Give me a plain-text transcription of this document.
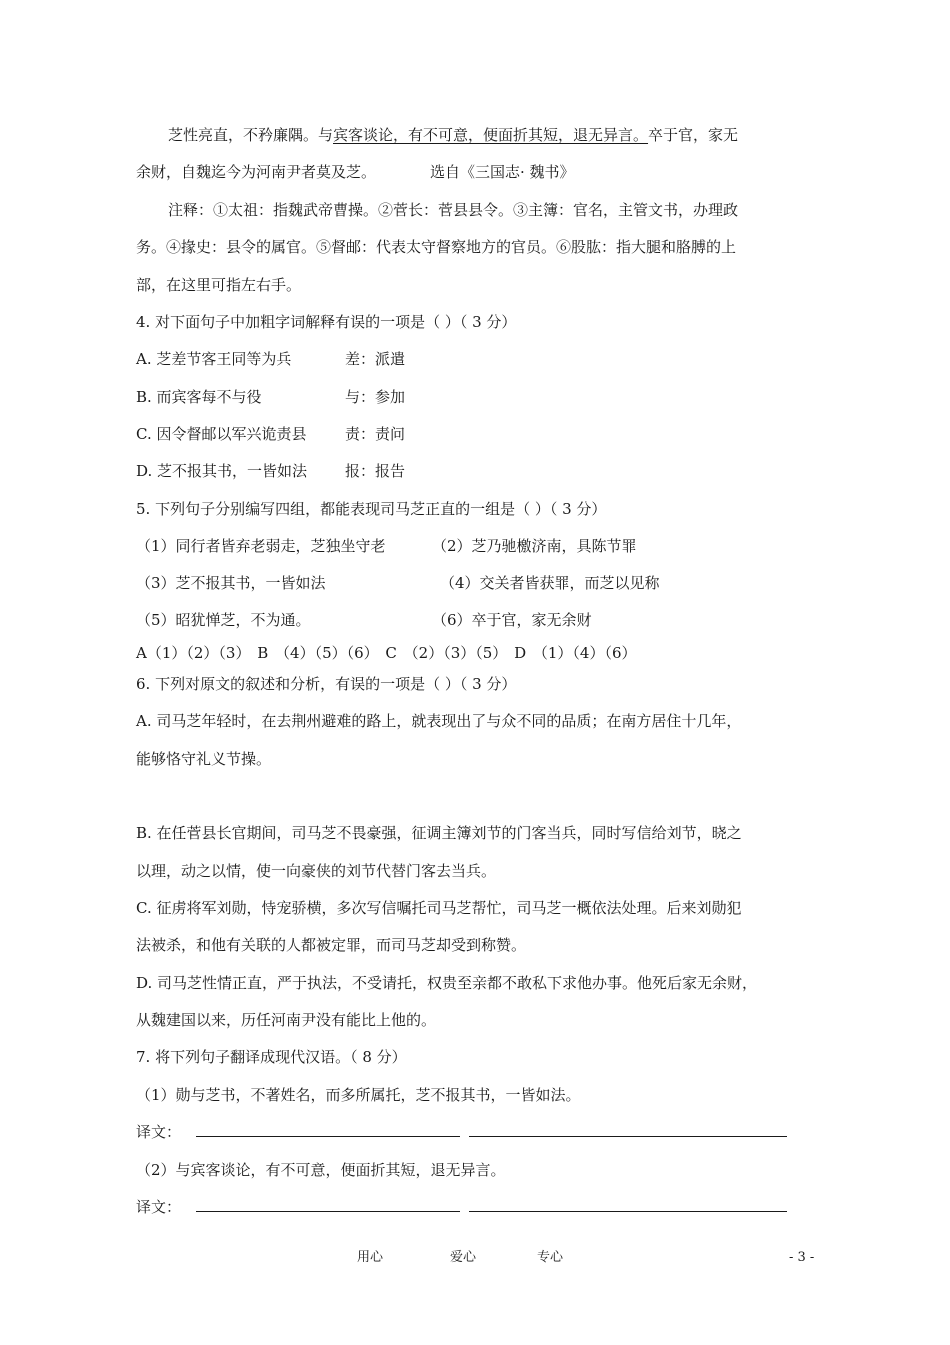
芝性亮直，不矜廉隅。与宾客谈论，有不可意，便面折其短，退无异言。卒于官，家无
余财，自魏迄今为河南尹者莫及芝。	选自《三国志· 魏书》
注释：①太祖：指魏武帝曹操。②菅长：菅县县令。③主簿：官名，主管文书，办理政
务。④掾史：县令的属官。⑤督邮：代表太守督察地方的官员。⑥股肱：指大腿和胳膊的上
部，在这里可指左右手。
4. 对下面句子中加粗字词解释有误的一项是（ ）（ 3 分）
A. 芝差节客王同等为兵	差：派遣
B. 而宾客每不与役	与：参加
C. 因令督邮以军兴诡责县	责：责问
D. 芝不报其书，一皆如法	报：报告
5. 下列句子分别编写四组，都能表现司马芝正直的一组是（ ）（ 3 分）
（1）同行者皆弃老弱走，芝独坐守老	（2）芝乃驰檄济南，具陈节罪
（3）芝不报其书，一皆如法	（4）交关者皆获罪，而芝以见称
（5）昭犹惮芝，不为通。	（6）卒于官，家无余财
A（1）（2）（3） B （4）（5）（6） C （2）（3）（5） D （1）（4）（6）
6. 下列对原文的叙述和分析，有误的一项是（ ）（ 3 分）
A. 司马芝年轻时，在去荆州避难的路上，就表现出了与众不同的品质；在南方居住十几年，
能够恪守礼义节操。
B. 在任菅县长官期间，司马芝不畏豪强，征调主簿刘节的门客当兵，同时写信给刘节，晓之
以理，动之以情，使一向豪侠的刘节代替门客去当兵。
C. 征虏将军刘勋，恃宠骄横，多次写信嘱托司马芝帮忙，司马芝一概依法处理。后来刘勋犯
法被杀，和他有关联的人都被定罪，而司马芝却受到称赞。
D. 司马芝性情正直，严于执法，不受请托，权贵至亲都不敢私下求他办事。他死后家无余财，
从魏建国以来，历任河南尹没有能比上他的。
7. 将下列句子翻译成现代汉语。（ 8 分）
（1）勋与芝书，不著姓名，而多所属托，芝不报其书，一皆如法。
译文：
（2）与宾客谈论，有不可意，便面折其短，退无异言。
译文：
用心	爱心	专心	- 3 -
